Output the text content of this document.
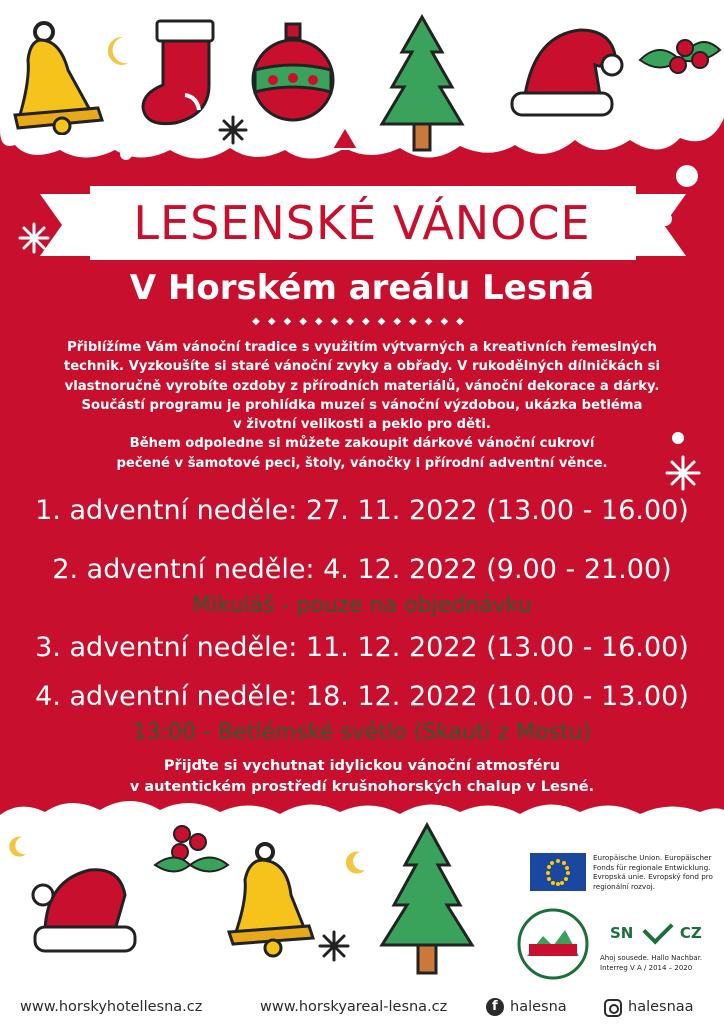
LESENSKÉ VÁNOCE
V Horském areálu Lesná
◆◆◆◆◆◆◆◆◆◆◆◆◆◆

Přiblížíme Vám vánoční tradice s využitím výtvarných a kreativních řemeslných

technik. Vyzkoušíte si staré vánoční zvyky a obřady. V rukodělných dílničkách si

vlastnoručně vyrobíte ozdoby z přírodních materiálů, vánoční dekorace a dárky.

Součástí programu je prohlídka muzeí s vánoční výzdobou, ukázka betléma

v životní velikosti a peklo pro děti.

Během odpoledne si můžete zakoupit dárkové vánoční cukroví

pečené v šamotové peci, štoly, vánočky i přírodní adventní věnce.

1. adventní neděle: 27. 11. 2022 (13.00 - 16.00)
2. adventní neděle: 4. 12. 2022 (9.00 - 21.00)
Mikuláš - pouze na objednávku
3. adventní neděle: 11. 12. 2022 (13.00 - 16.00)
4. adventní neděle: 18. 12. 2022 (10.00 - 13.00)
13:00 - Betlémské světlo (Skauti z Mostu)

Přijďte si vychutnat idylickou vánoční atmosféru

v autentickém prostředí krušnohorských chalup v Lesné.

Europäische Union. Europäischer
Fonds für regionale Entwicklung.
Evropská unie. Evropský fond pro
regionální rozvoj.
SN	CZ
Ahoj sousede. Hallo Nachbar.
Interreg V A / 2014 – 2020
www.horskyhotellesna.cz	www.horskyareal-lesna.cz	f halesna	halesnaa
